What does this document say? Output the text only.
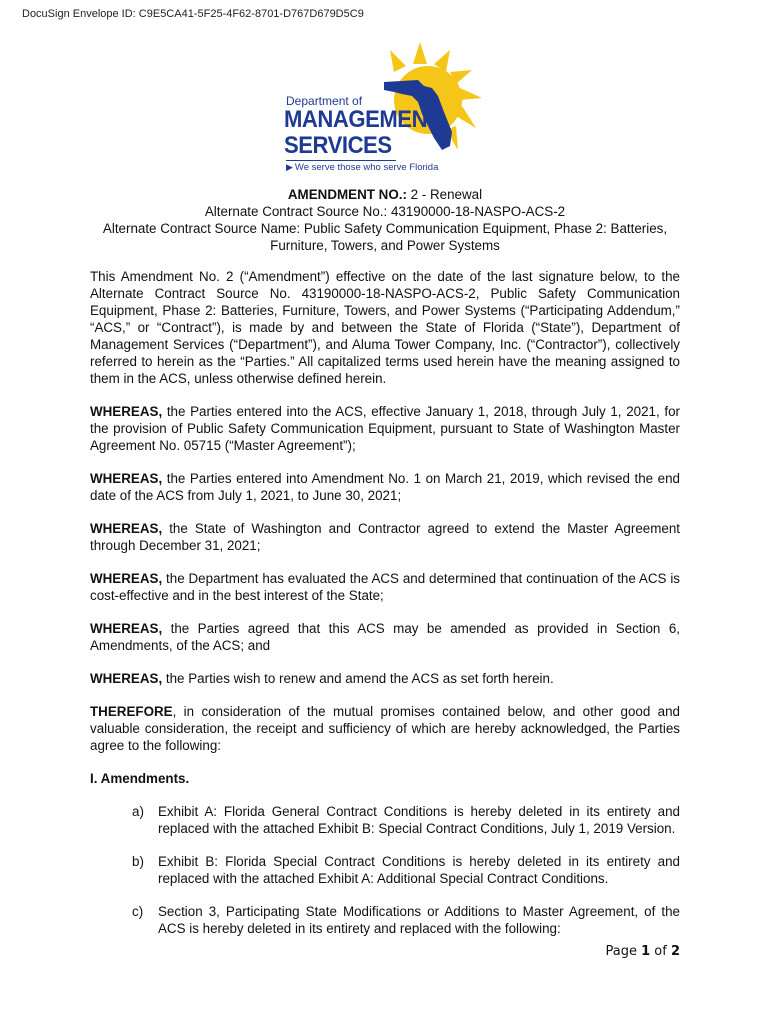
DocuSign Envelope ID: C9E5CA41-5F25-4F62-8701-D767D679D5C9
Department of
MANAGEMENT
SERVICES
▶ We serve those who serve Florida
AMENDMENT NO.: 2 - Renewal
Alternate Contract Source No.: 43190000-18-NASPO-ACS-2
Alternate Contract Source Name: Public Safety Communication Equipment, Phase 2: Batteries,
Furniture, Towers, and Power Systems

This Amendment No. 2 (“Amendment”) effective on the date of the last signature below, to the Alternate Contract Source No. 43190000-18-NASPO-ACS-2, Public Safety Communication Equipment, Phase 2: Batteries, Furniture, Towers, and Power Systems (“Participating Addendum,” “ACS,” or “Contract”), is made by and between the State of Florida (“State”), Department of Management Services (“Department”), and Aluma Tower Company, Inc. (“Contractor”), collectively referred to herein as the “Parties.” All capitalized terms used herein have the meaning assigned to them in the ACS, unless otherwise defined herein.

WHEREAS, the Parties entered into the ACS, effective January 1, 2018, through July 1, 2021, for the provision of Public Safety Communication Equipment, pursuant to State of Washington Master Agreement No. 05715 (“Master Agreement”);

WHEREAS, the Parties entered into Amendment No. 1 on March 21, 2019, which revised the end date of the ACS from July 1, 2021, to June 30, 2021;

WHEREAS, the State of Washington and Contractor agreed to extend the Master Agreement through December 31, 2021;

WHEREAS, the Department has evaluated the ACS and determined that continuation of the ACS is cost-effective and in the best interest of the State;

WHEREAS, the Parties agreed that this ACS may be amended as provided in Section 6, Amendments, of the ACS; and

WHEREAS, the Parties wish to renew and amend the ACS as set forth herein.

THEREFORE, in consideration of the mutual promises contained below, and other good and valuable consideration, the receipt and sufficiency of which are hereby acknowledged, the Parties agree to the following:

I. Amendments.
a) Exhibit A: Florida General Contract Conditions is hereby deleted in its entirety and replaced with the attached Exhibit B: Special Contract Conditions, July 1, 2019 Version.
b) Exhibit B: Florida Special Contract Conditions is hereby deleted in its entirety and replaced with the attached Exhibit A: Additional Special Contract Conditions.
c) Section 3, Participating State Modifications or Additions to Master Agreement, of the ACS is hereby deleted in its entirety and replaced with the following:
Page 1 of 2
